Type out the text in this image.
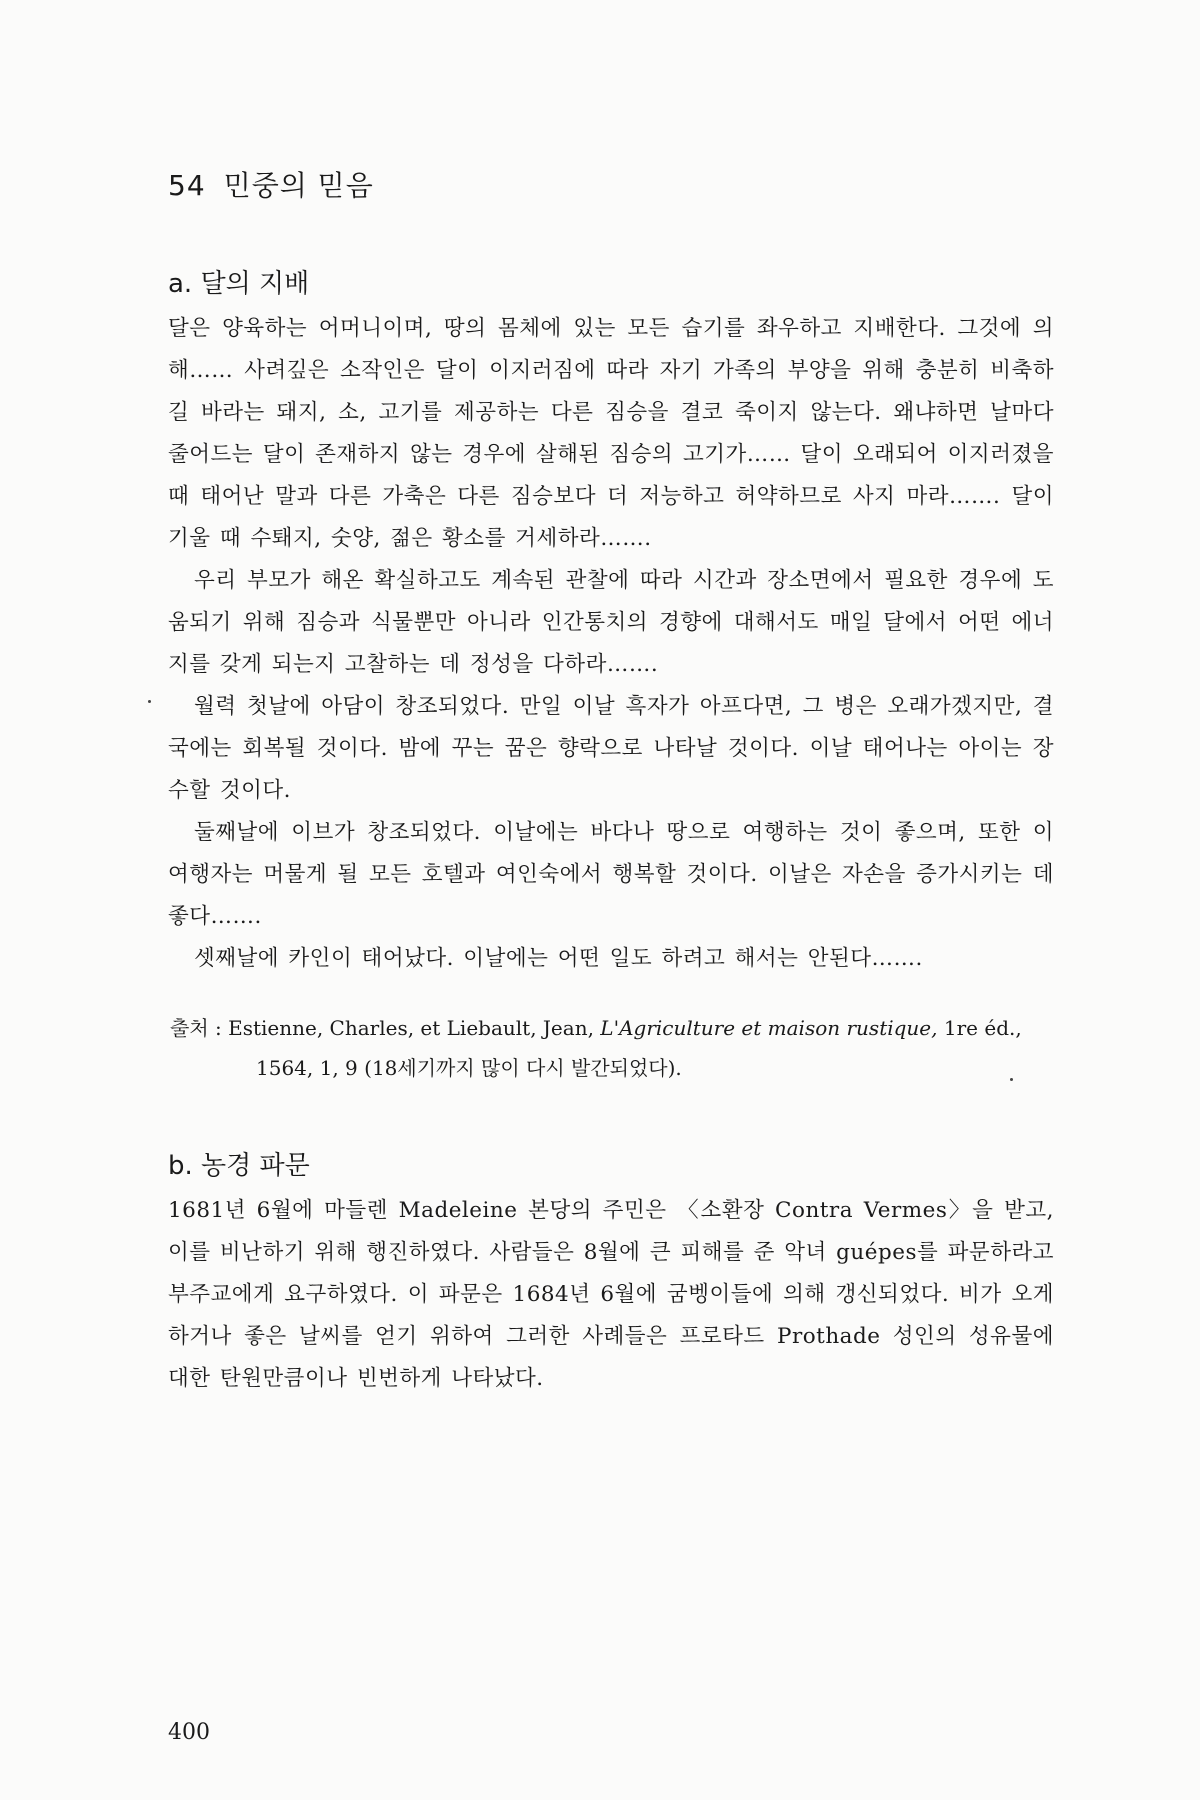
54 민중의 믿음
a. 달의 지배

달은 양육하는 어머니이며, 땅의 몸체에 있는 모든 습기를 좌우하고 지배한다. 그것에 의해…… 사려깊은 소작인은 달이 이지러짐에 따라 자기 가족의 부양을 위해 충분히 비축하길 바라는 돼지, 소, 고기를 제공하는 다른 짐승을 결코 죽이지 않는다. 왜냐하면 날마다 줄어드는 달이 존재하지 않는 경우에 살해된 짐승의 고기가…… 달이 오래되어 이지러졌을 때 태어난 말과 다른 가축은 다른 짐승보다 더 저능하고 허약하므로 사지 마라……. 달이 기울 때 수퇘지, 숫양, 젊은 황소를 거세하라…….

우리 부모가 해온 확실하고도 계속된 관찰에 따라 시간과 장소면에서 필요한 경우에 도움되기 위해 짐승과 식물뿐만 아니라 인간통치의 경향에 대해서도 매일 달에서 어떤 에너지를 갖게 되는지 고찰하는 데 정성을 다하라…….

월력 첫날에 아담이 창조되었다. 만일 이날 흑자가 아프다면, 그 병은 오래가겠지만, 결국에는 회복될 것이다. 밤에 꾸는 꿈은 향락으로 나타날 것이다. 이날 태어나는 아이는 장수할 것이다.

둘째날에 이브가 창조되었다. 이날에는 바다나 땅으로 여행하는 것이 좋으며, 또한 이 여행자는 머물게 될 모든 호텔과 여인숙에서 행복할 것이다. 이날은 자손을 증가시키는 데 좋다…….

셋째날에 카인이 태어났다. 이날에는 어떤 일도 하려고 해서는 안된다…….

출처 : Estienne, Charles, et Liebault, Jean, L'Agriculture et maison rustique, 1re éd.,
1564, 1, 9 (18세기까지 많이 다시 발간되었다).
b. 농경 파문

1681년 6월에 마들렌 Madeleine 본당의 주민은 〈소환장 Contra Vermes〉을 받고, 이를 비난하기 위해 행진하였다. 사람들은 8월에 큰 피해를 준 악녀 guépes를 파문하라고 부주교에게 요구하였다. 이 파문은 1684년 6월에 굼벵이들에 의해 갱신되었다. 비가 오게 하거나 좋은 날씨를 얻기 위하여 그러한 사례들은 프로타드 Prothade 성인의 성유물에 대한 탄원만큼이나 빈번하게 나타났다.

400
